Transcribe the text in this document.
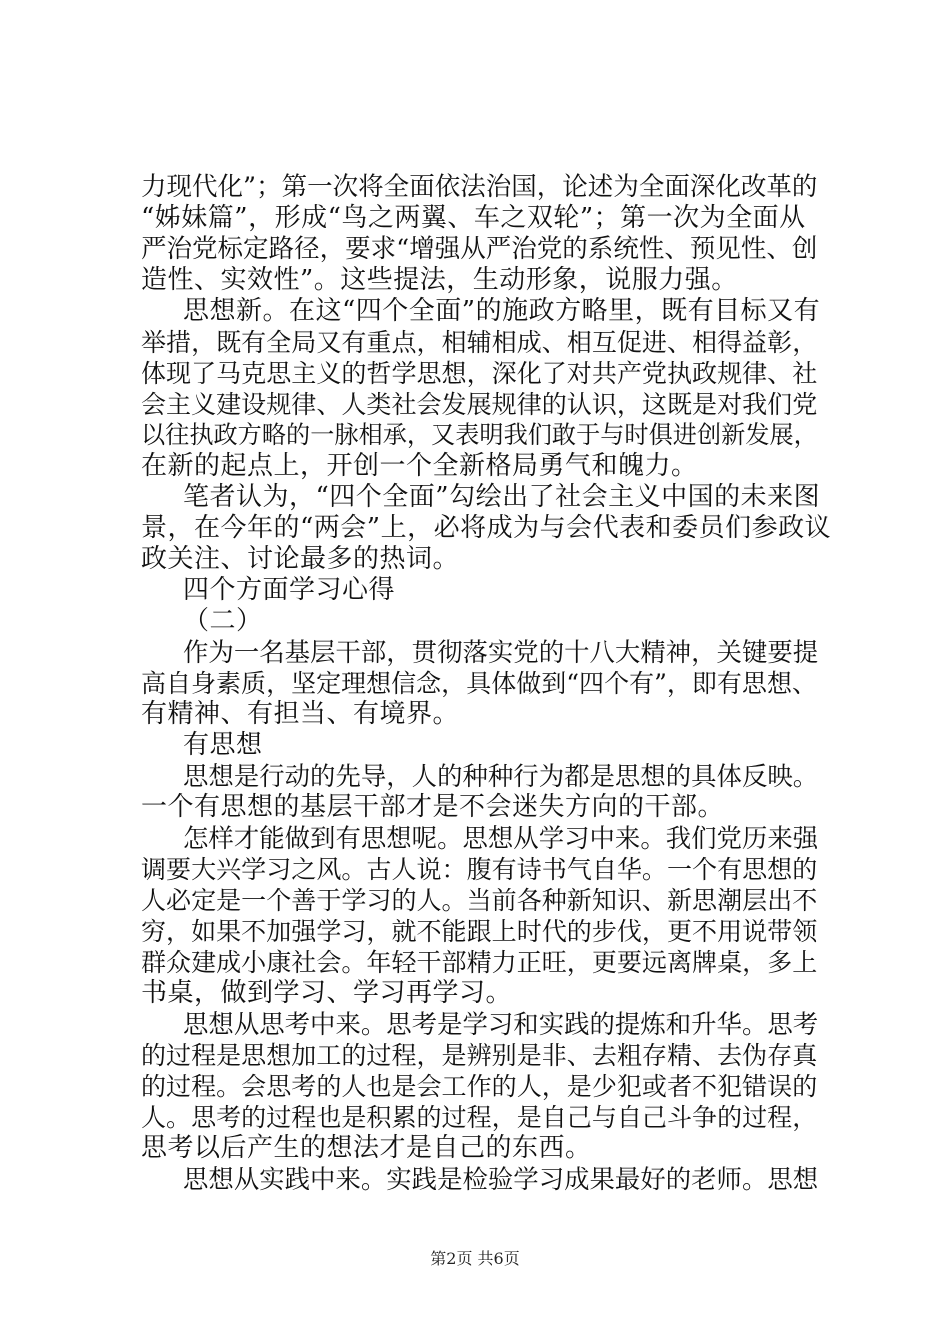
力现代化”；第一次将全面依法治国，论述为全面深化改革的
“姊妹篇”，形成“鸟之两翼、车之双轮”；第一次为全面从
严治党标定路径，要求“增强从严治党的系统性、预见性、创
造性、实效性”。这些提法，生动形象，说服力强。
思想新。在这“四个全面”的施政方略里，既有目标又有
举措，既有全局又有重点，相辅相成、相互促进、相得益彰，
体现了马克思主义的哲学思想，深化了对共产党执政规律、社
会主义建设规律、人类社会发展规律的认识，这既是对我们党
以往执政方略的一脉相承，又表明我们敢于与时俱进创新发展，
在新的起点上，开创一个全新格局勇气和魄力。
笔者认为，“四个全面”勾绘出了社会主义中国的未来图
景，在今年的“两会”上，必将成为与会代表和委员们参政议
政关注、讨论最多的热词。
四个方面学习心得
（二）
作为一名基层干部，贯彻落实党的十八大精神，关键要提
高自身素质，坚定理想信念，具体做到“四个有”，即有思想、
有精神、有担当、有境界。
有思想
思想是行动的先导，人的种种行为都是思想的具体反映。
一个有思想的基层干部才是不会迷失方向的干部。
怎样才能做到有思想呢。思想从学习中来。我们党历来强
调要大兴学习之风。古人说：腹有诗书气自华。一个有思想的
人必定是一个善于学习的人。当前各种新知识、新思潮层出不
穷，如果不加强学习，就不能跟上时代的步伐，更不用说带领
群众建成小康社会。年轻干部精力正旺，更要远离牌桌，多上
书桌，做到学习、学习再学习。
思想从思考中来。思考是学习和实践的提炼和升华。思考
的过程是思想加工的过程，是辨别是非、去粗存精、去伪存真
的过程。会思考的人也是会工作的人，是少犯或者不犯错误的
人。思考的过程也是积累的过程，是自己与自己斗争的过程，
思考以后产生的想法才是自己的东西。
思想从实践中来。实践是检验学习成果最好的老师。思想
第2页 共6页
